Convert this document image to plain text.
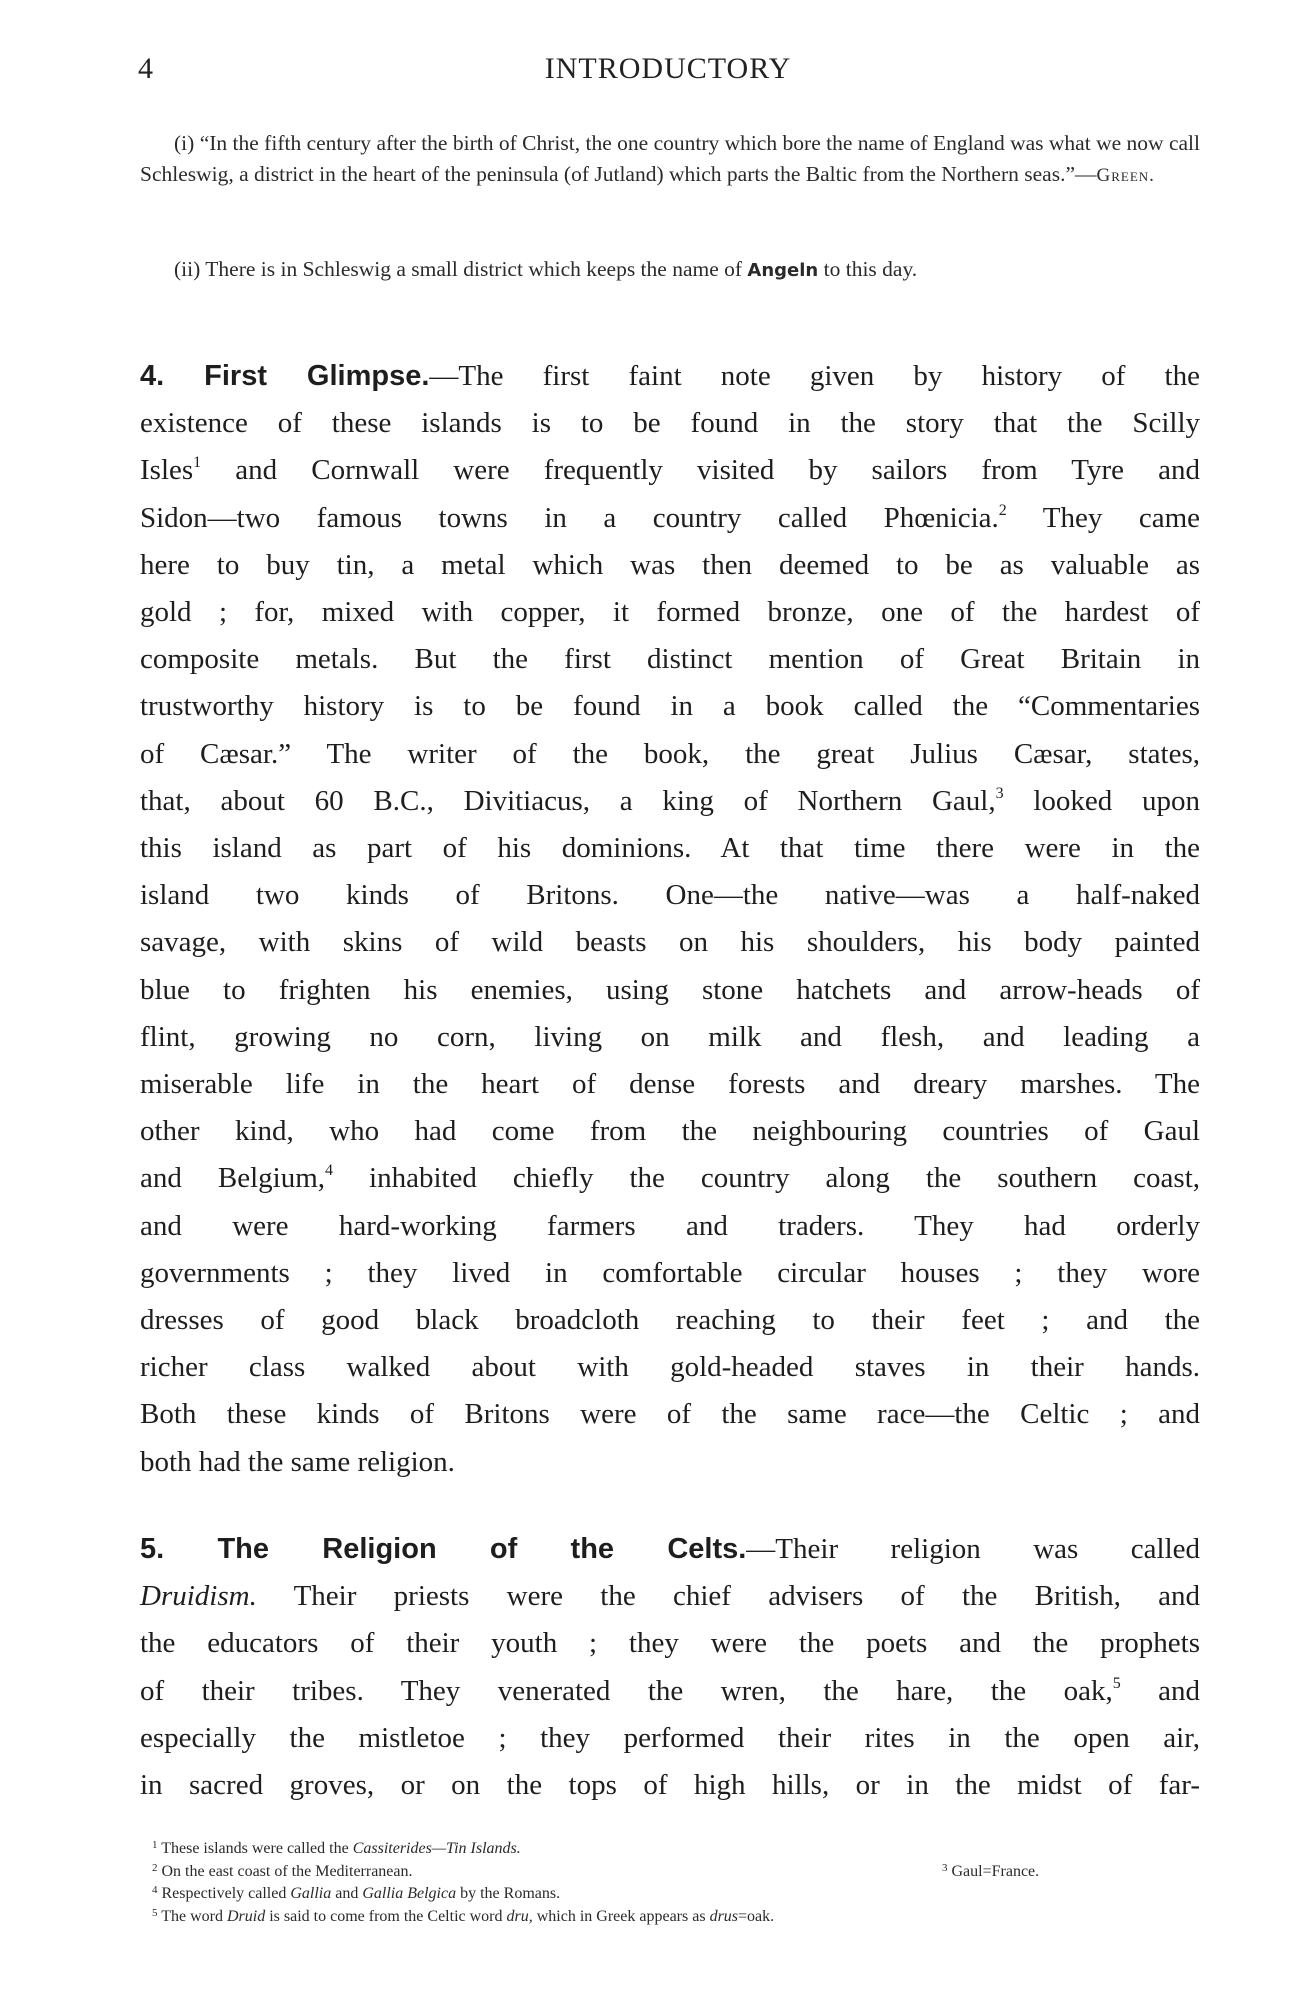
4	INTRODUCTORY

(i) “In the fifth century after the birth of Christ, the one country which bore the name of England was what we now call Schleswig, a district in the heart of the peninsula (of Jutland) which parts the Baltic from the Northern seas.”—Green.

(ii) There is in Schleswig a small district which keeps the name of Angeln to this day.

4. First Glimpse.—The first faint note given by history of the
existence of these islands is to be found in the story that the Scilly
Isles$^1$ and Cornwall were frequently visited by sailors from Tyre and
Sidon—two famous towns in a country called Phœnicia.$^2$ They came
here to buy tin, a metal which was then deemed to be as valuable as
gold ; for, mixed with copper, it formed bronze, one of the hardest of
composite metals. But the first distinct mention of Great Britain in
trustworthy history is to be found in a book called the “Commentaries
of Cæsar.” The writer of the book, the great Julius Cæsar, states,
that, about 60 B.C., Divitiacus, a king of Northern Gaul,$^3$ looked upon
this island as part of his dominions. At that time there were in the
island two kinds of Britons. One—the native—was a half-naked
savage, with skins of wild beasts on his shoulders, his body painted
blue to frighten his enemies, using stone hatchets and arrow-heads of
flint, growing no corn, living on milk and flesh, and leading a
miserable life in the heart of dense forests and dreary marshes. The
other kind, who had come from the neighbouring countries of Gaul
and Belgium,$^4$ inhabited chiefly the country along the southern coast,
and were hard-working farmers and traders. They had orderly
governments ; they lived in comfortable circular houses ; they wore
dresses of good black broadcloth reaching to their feet ; and the
richer class walked about with gold-headed staves in their hands.
Both these kinds of Britons were of the same race—the Celtic ; and
both had the same religion.
5. The Religion of the Celts.—Their religion was called
Druidism. Their priests were the chief advisers of the British, and
the educators of their youth ; they were the poets and the prophets
of their tribes. They venerated the wren, the hare, the oak,$^5$ and
especially the mistletoe ; they performed their rites in the open air,
in sacred groves, or on the tops of high hills, or in the midst of far-
$^1$ These islands were called the Cassiterides—Tin Islands.
$^2$ On the east coast of the Mediterranean.	$^3$ Gaul=France.
$^4$ Respectively called Gallia and Gallia Belgica by the Romans.
$^5$ The word Druid is said to come from the Celtic word dru, which in Greek appears as drus=oak.
